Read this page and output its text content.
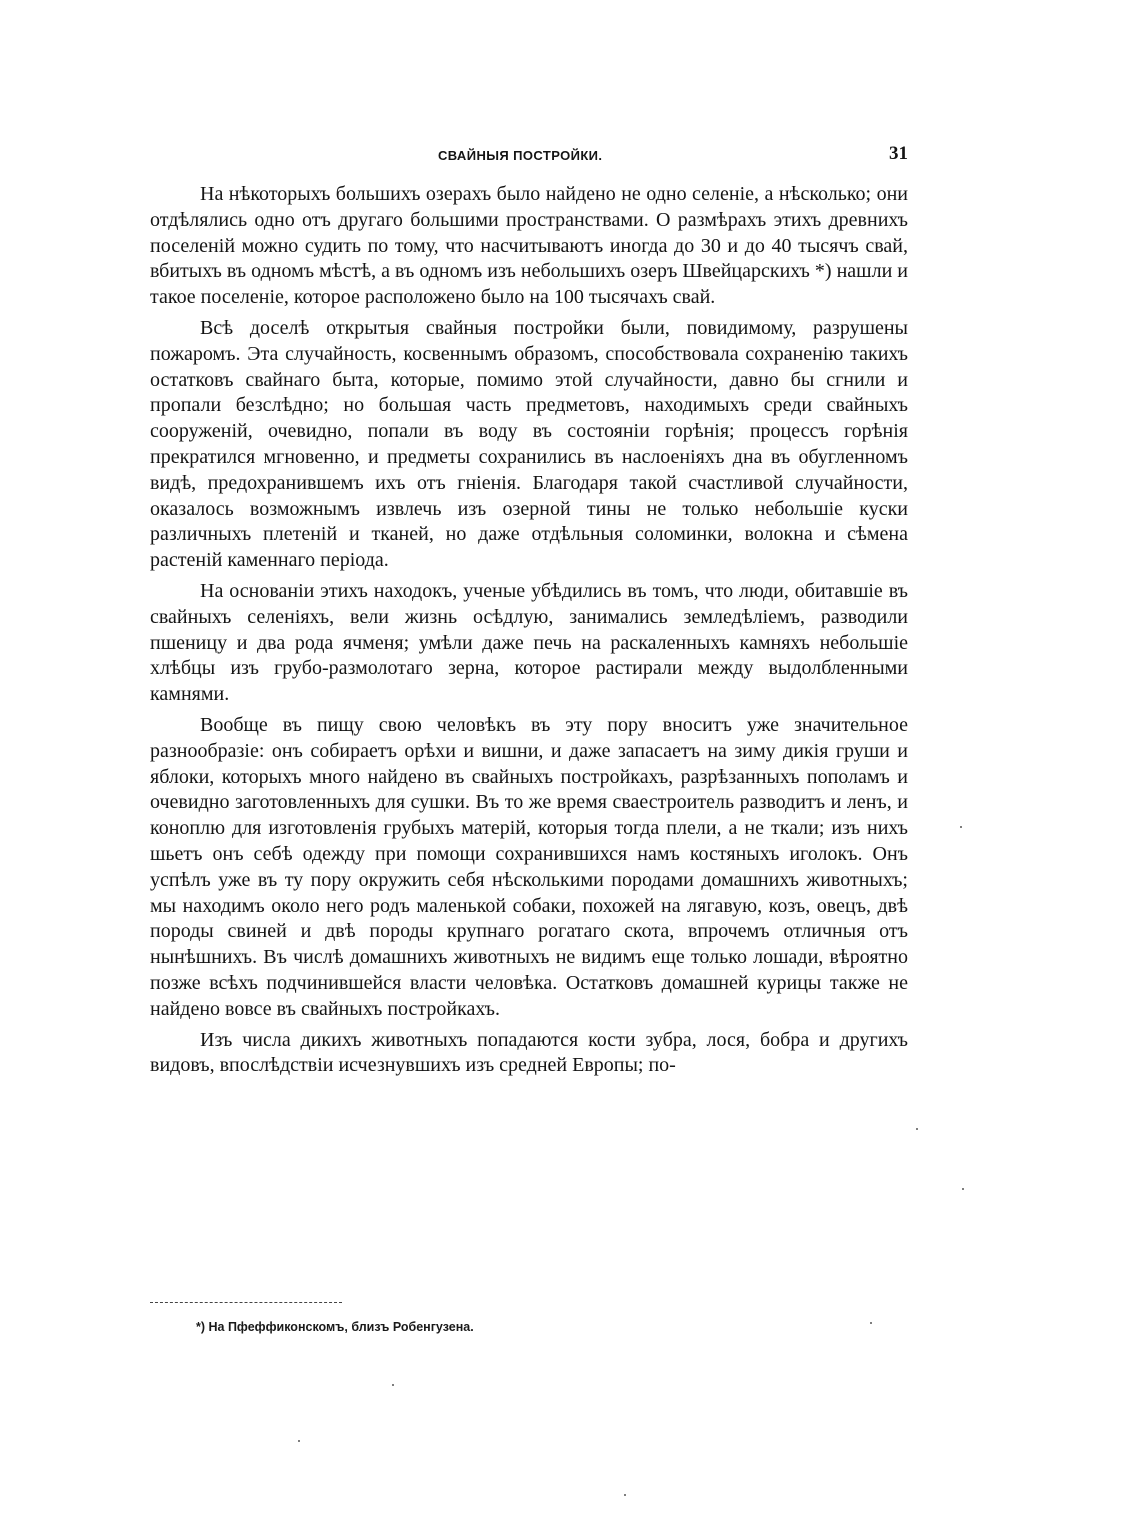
СВАЙНЫЯ ПОСТРОЙКИ.	31

На нѣкоторыхъ большихъ озерахъ было найдено не одно селеніе, а нѣсколько; они отдѣлялись одно отъ другаго большими пространствами. О размѣрахъ этихъ древнихъ поселеній можно судить по тому, что насчитываютъ иногда до 30 и до 40 тысячъ свай, вбитыхъ въ одномъ мѣстѣ, а въ одномъ изъ небольшихъ озеръ Швейцарскихъ *) нашли и такое поселеніе, которое расположено было на 100 тысячахъ свай.

Всѣ доселѣ открытыя свайныя постройки были, повидимому, разрушены пожаромъ. Эта случайность, косвеннымъ образомъ, способствовала сохраненію такихъ остатковъ свайнаго быта, которые, помимо этой случайности, давно бы сгнили и пропали безслѣдно; но большая часть предметовъ, находимыхъ среди свайныхъ сооруженій, очевидно, попали въ воду въ состояніи горѣнія; процессъ горѣнія прекратился мгновенно, и предметы сохранились въ наслоеніяхъ дна въ обугленномъ видѣ, предохранившемъ ихъ отъ гніенія. Благодаря такой счастливой случайности, оказалось возможнымъ извлечь изъ озерной тины не только небольшіе куски различныхъ плетеній и тканей, но даже отдѣльныя соломинки, волокна и сѣмена растеній каменнаго періода.

На основаніи этихъ находокъ, ученые убѣдились въ томъ, что люди, обитавшіе въ свайныхъ селеніяхъ, вели жизнь осѣдлую, занимались земледѣліемъ, разводили пшеницу и два рода ячменя; умѣли даже печь на раскаленныхъ камняхъ небольшіе хлѣбцы изъ грубо-размолотаго зерна, которое растирали между выдолбленными камнями.

Вообще въ пищу свою человѣкъ въ эту пору вноситъ уже значительное разнообразіе: онъ собираетъ орѣхи и вишни, и даже запасаетъ на зиму дикія груши и яблоки, которыхъ много найдено въ свайныхъ постройкахъ, разрѣзанныхъ пополамъ и очевидно заготовленныхъ для сушки. Въ то же время сваестроитель разводитъ и ленъ, и коноплю для изготовленія грубыхъ матерій, которыя тогда плели, а не ткали; изъ нихъ шьетъ онъ себѣ одежду при помощи сохранившихся намъ костяныхъ иголокъ. Онъ успѣлъ уже въ ту пору окружить себя нѣсколькими породами домашнихъ животныхъ; мы находимъ около него родъ маленькой собаки, похожей на лягавую, козъ, овецъ, двѣ породы свиней и двѣ породы крупнаго рогатаго скота, впрочемъ отличныя отъ нынѣшнихъ. Въ числѣ домашнихъ животныхъ не видимъ еще только лошади, вѣроятно позже всѣхъ подчинившейся власти человѣка. Остатковъ домашней курицы также не найдено вовсе въ свайныхъ постройкахъ.

Изъ числа дикихъ животныхъ попадаются кости зубра, лося, бобра и другихъ видовъ, впослѣдствіи исчезнувшихъ изъ средней Европы; по-

*) На Пфеффиконскомъ, близъ Робенгузена.
